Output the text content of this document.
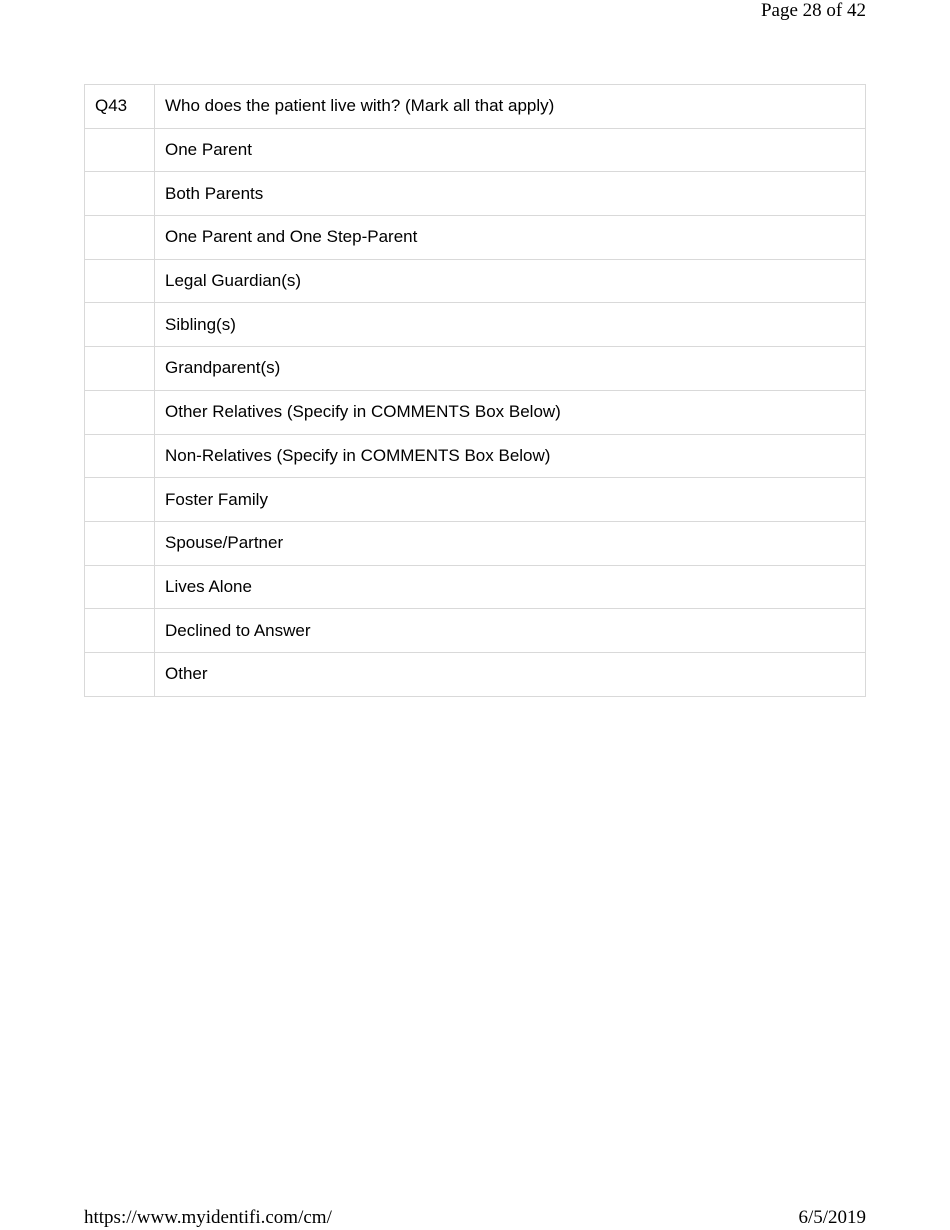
Page 28 of 42
Q43	Who does the patient live with? (Mark all that apply)
	One Parent
	Both Parents
	One Parent and One Step-Parent
	Legal Guardian(s)
	Sibling(s)
	Grandparent(s)
	Other Relatives (Specify in COMMENTS Box Below)
	Non-Relatives (Specify in COMMENTS Box Below)
	Foster Family
	Spouse/Partner
	Lives Alone
	Declined to Answer
	Other
https://www.myidentifi.com/cm/	6/5/2019
